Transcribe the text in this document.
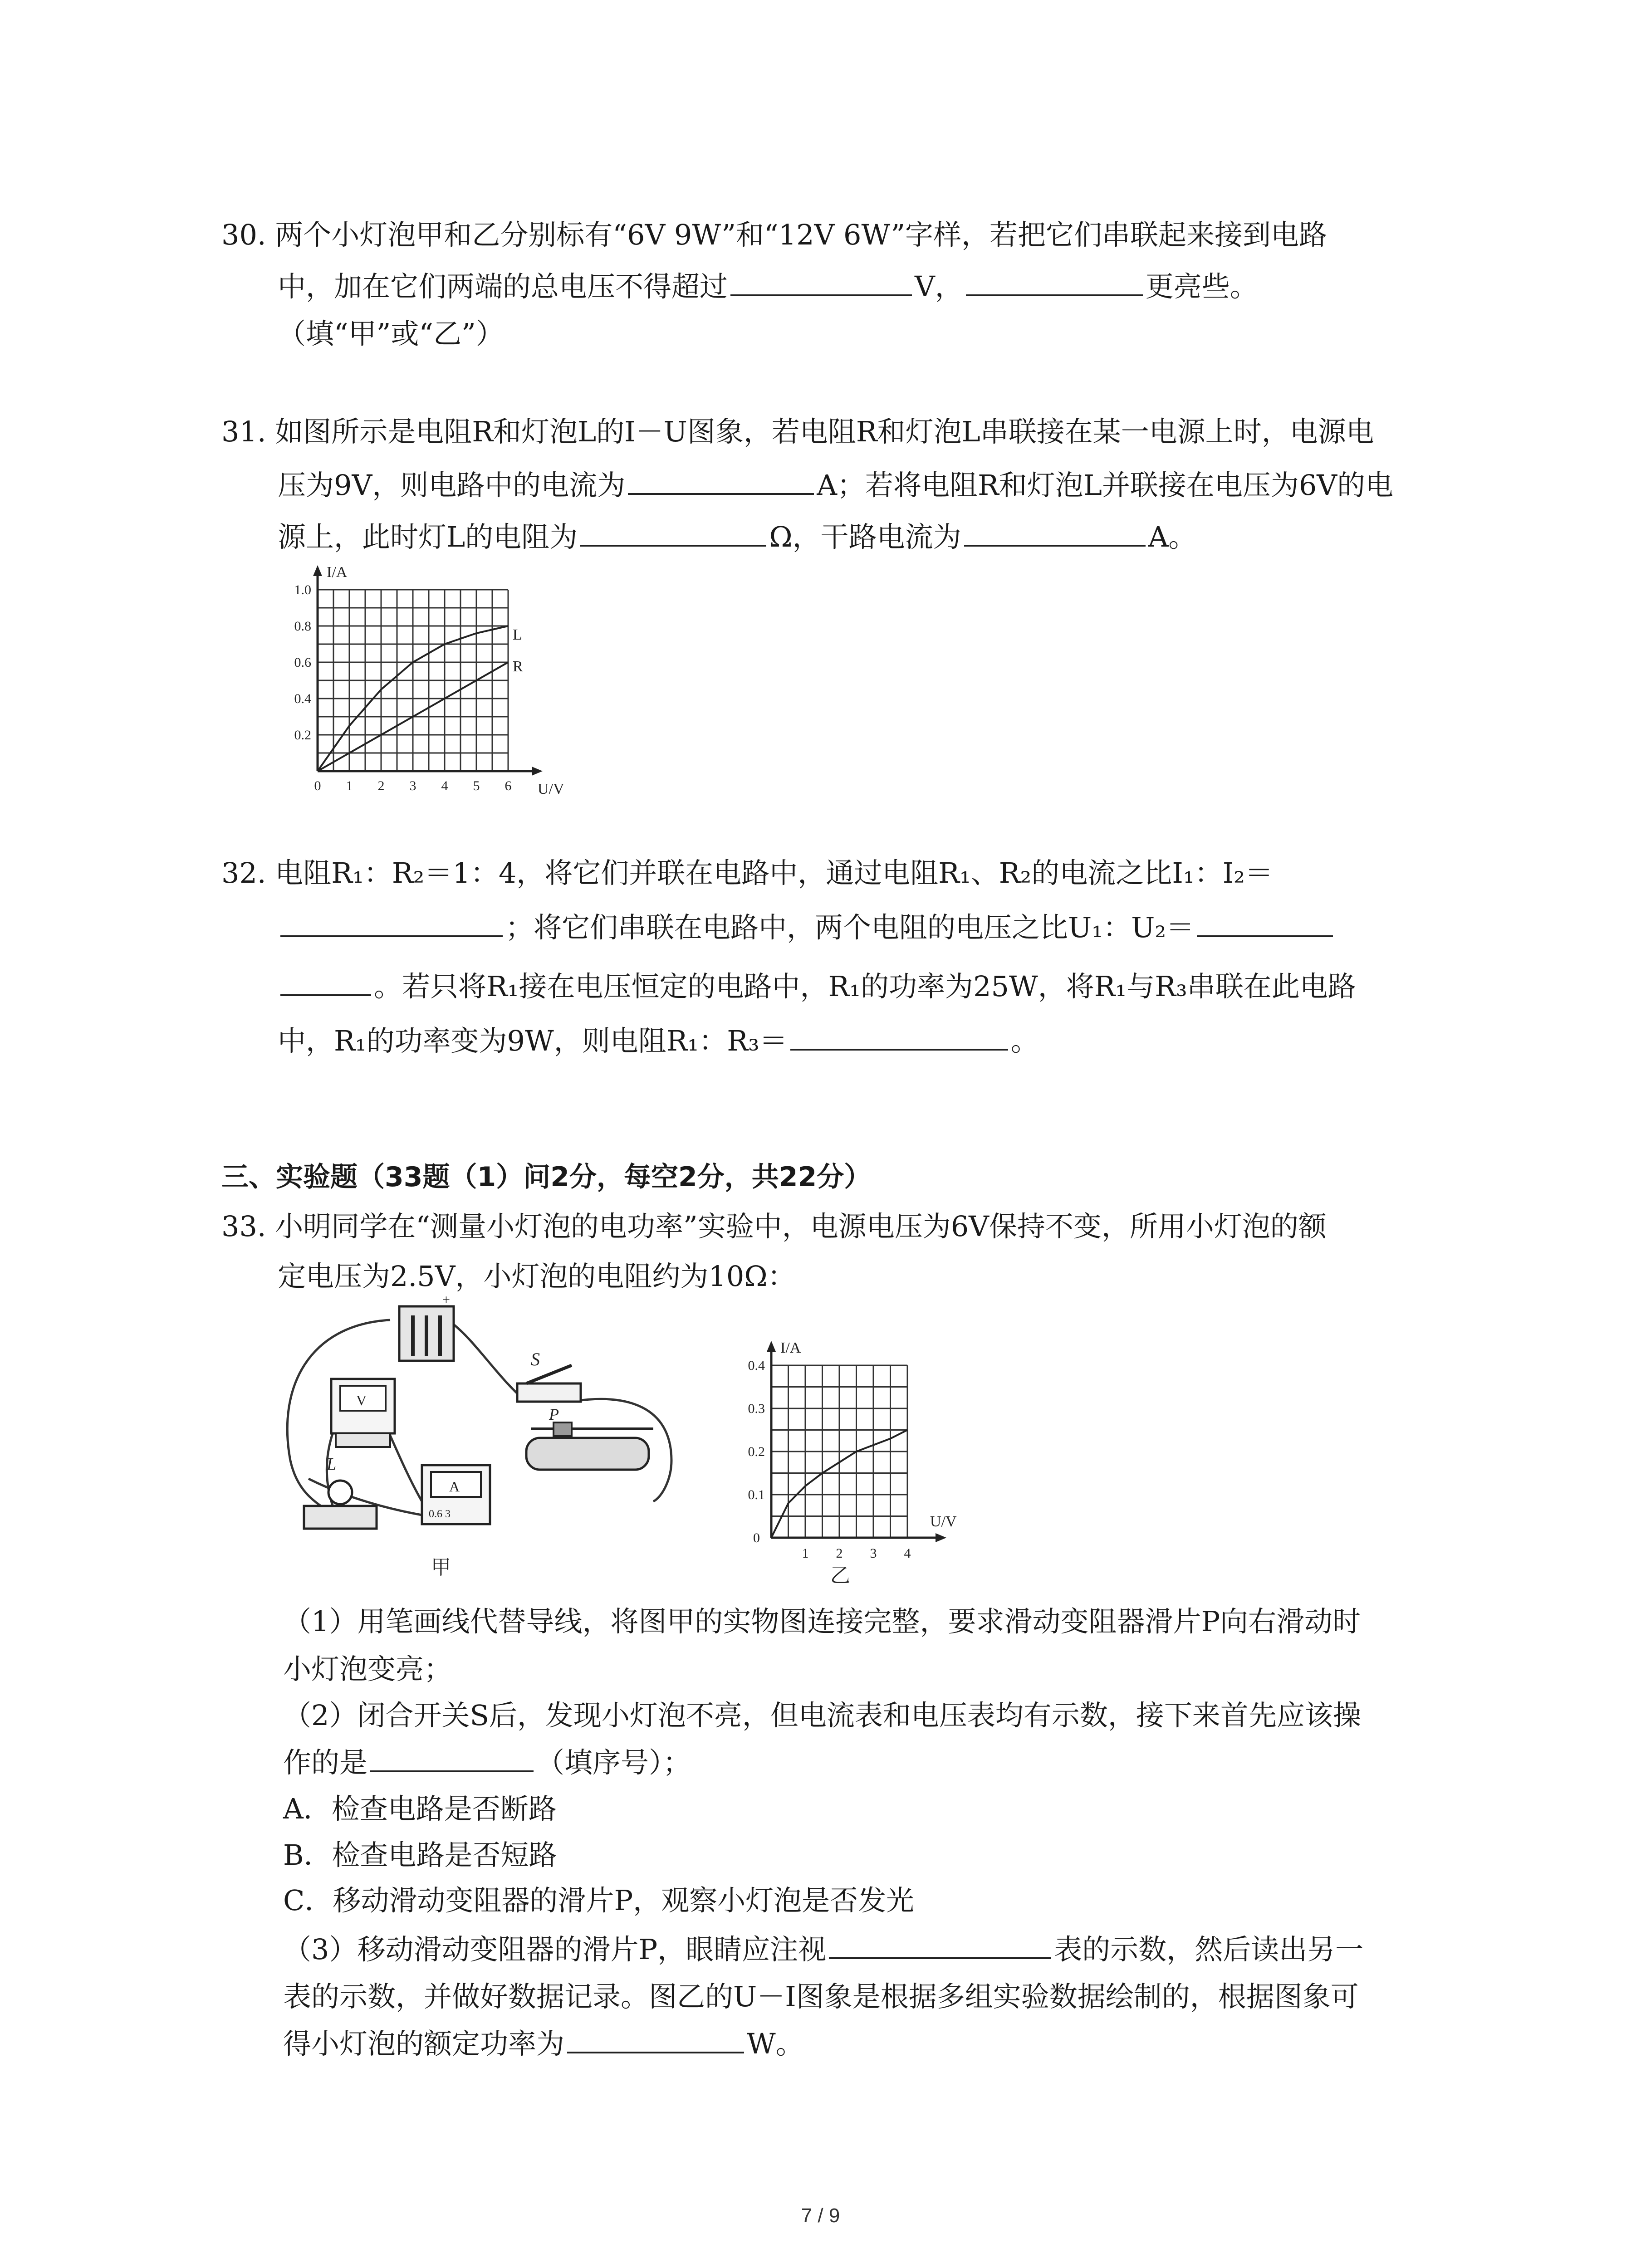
30. 两个小灯泡甲和乙分别标有“6V 9W”和“12V 6W”字样，若把它们串联起来接到电路
中，加在它们两端的总电压不得超过	V，	更亮些。
（填“甲”或“乙”）
31. 如图所示是电阻R和灯泡L的I－U图象，若电阻R和灯泡L串联接在某一电源上时，电源电
压为9V，则电路中的电流为	A；若将电阻R和灯泡L并联接在电压为6V的电
源上，此时灯L的电阻为	Ω，干路电流为	A。
I/A
U/V
1.0
0.8
0.6
0.4
0.2
0 1 2 3 4 5 6
L
R
32. 电阻R₁：R₂＝1：4，将它们并联在电路中，通过电阻R₁、R₂的电流之比I₁：I₂＝
；将它们串联在电路中，两个电阻的电压之比U₁：U₂＝
。若只将R₁接在电压恒定的电路中，R₁的功率为25W，将R₁与R₃串联在此电路
中，R₁的功率变为9W，则电阻R₁：R₃＝	。
三、实验题（33题（1）问2分，每空2分，共22分）
33. 小明同学在“测量小灯泡的电功率”实验中，电源电压为6V保持不变，所用小灯泡的额
定电压为2.5V，小灯泡的电阻约为10Ω：
+
S
V
L
A
0.6 3
P
甲
I/A
U/V
0
0.4
0.3
0.2
0.1
1 2 3 4
乙
（1）用笔画线代替导线，将图甲的实物图连接完整，要求滑动变阻器滑片P向右滑动时
小灯泡变亮；
（2）闭合开关S后，发现小灯泡不亮，但电流表和电压表均有示数，接下来首先应该操
作的是	（填序号）；
A．检查电路是否断路
B．检查电路是否短路
C．移动滑动变阻器的滑片P，观察小灯泡是否发光
（3）移动滑动变阻器的滑片P，眼睛应注视	表的示数，然后读出另一
表的示数，并做好数据记录。图乙的U－I图象是根据多组实验数据绘制的，根据图象可
得小灯泡的额定功率为	W。
7 / 9
